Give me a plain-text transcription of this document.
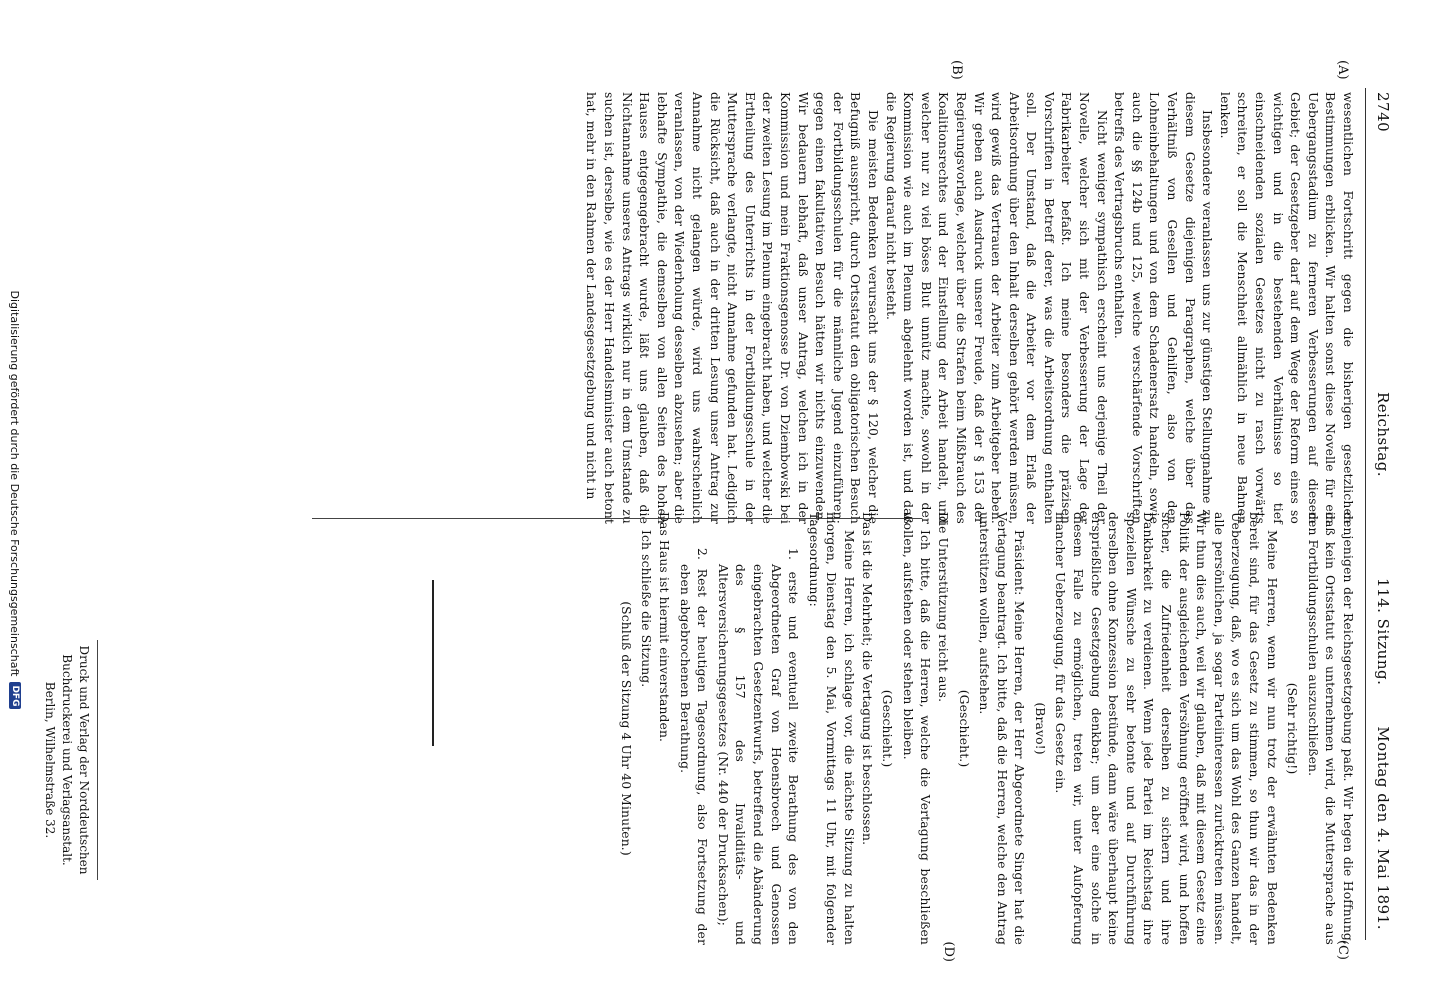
2740
Reichstag.
114. Sitzung.
Montag den 4. Mai 1891.
(A)
(B)
(C)
(D)

wesentlichen Fortschritt gegen die bisherigen gesetzlichen Bestimmungen erblicken. Wir halten sonst diese Novelle für ein Uebergangsstadium zu ferneren Verbesserungen auf diesem Gebiet; der Gesetzgeber darf auf dem Wege der Reform eines so wichtigen und in die bestehenden Verhältnisse so tief einschneidenden sozialen Gesetzes nicht zu rasch vorwärts schreiten, er soll die Menschheit allmählich in neue Bahnen lenken.

Insbesondere veranlassen uns zur günstigen Stellungnahme zu diesem Gesetze diejenigen Paragraphen, welche über das Verhältniß von Gesellen und Gehilfen, also von den Lohneinbehaltungen und von dem Schadenersatz handeln, sowie auch die §§ 124b und 125, welche verschärfende Vorschriften betreffs des Vertragsbruchs enthalten.

Nicht weniger sympathisch erscheint uns derjenige Theil der Novelle, welcher sich mit der Verbesserung der Lage der Fabrikarbeiter befaßt. Ich meine besonders die präzisen Vorschriften in Betreff derer, was die Arbeitsordnung enthalten soll. Der Umstand, daß die Arbeiter vor dem Erlaß der Arbeitsordnung über den Inhalt derselben gehört werden müssen, wird gewiß das Vertrauen der Arbeiter zum Arbeitgeber heben. Wir geben auch Ausdruck unserer Freude, daß der § 153 der Regierungsvorlage, welcher über die Strafen beim Mißbrauch des Koalitionsrechtes und der Einstellung der Arbeit handelt, und welcher nur zu viel böses Blut unnütz machte, sowohl in der Kommission wie auch im Plenum abgelehnt worden ist, und daß die Regierung darauf nicht besteht.

Die meisten Bedenken verursacht uns der § 120, welcher die Befugniß ausspricht, durch Ortsstatut den obligatorischen Besuch der Fortbildungsschulen für die männliche Jugend einzuführen; gegen einen fakultativen Besuch hätten wir nichts einzuwenden. Wir bedauern lebhaft, daß unser Antrag, welchen ich in der Kommission und mein Fraktionsgenosse Dr. von Dziembowski bei der zweiten Lesung im Plenum eingebracht haben, und welcher die Ertheilung des Unterrichts in der Fortbildungsschule in der Muttersprache verlangte, nicht Annahme gefunden hat. Lediglich die Rücksicht, daß auch in der dritten Lesung unser Antrag zur Annahme nicht gelangen würde, wird uns wahrscheinlich veranlassen, von der Wiederholung desselben abzusehen; aber die lebhafte Sympathie, die demselben von allen Seiten des hohen Hauses entgegengebracht wurde, läßt uns glauben, daß die Nichtannahme unseres Antrags wirklich nur in dem Umstande zu suchen ist, derselbe, wie es der Herr Handelsminister auch betont hat, mehr in den Rahmen der Landesgesetzgebung und nicht in

denjenigen der Reichsgesetzgebung paßt. Wir hegen die Hoffnung, daß kein Ortsstatut es unternehmen wird, die Muttersprache aus den Fortbildungsschulen auszuschließen.

(Sehr richtig!)

Meine Herren, wenn wir nun trotz der erwähnten Bedenken bereit sind, für das Gesetz zu stimmen, so thun wir das in der Ueberzeugung, daß, wo es sich um das Wohl des Ganzen handelt, alle persönlichen, ja sogar Parteiinteressen zurücktreten müssen. Wir thun dies auch, weil wir glauben, daß mit diesem Gesetz eine Politik der ausgleichenden Versöhnung eröffnet wird, und hoffen sicher, die Zufriedenheit derselben zu sichern und ihre Dankbarkeit zu verdienen. Wenn jede Partei im Reichstag ihre speziellen Wünsche zu sehr betonte und auf Durchführung derselben ohne Konzession bestünde, dann wäre überhaupt keine ersprießliche Gesetzgebung denkbar; um aber eine solche in diesem Falle zu ermöglichen, treten wir, unter Aufopferung mancher Ueberzeugung, für das Gesetz ein.

(Bravo!)

Präsident: Meine Herren, der Herr Abgeordnete Singer hat die Vertagung beantragt. Ich bitte, daß die Herren, welche den Antrag unterstützen wollen, aufstehen.

(Geschieht.)

Die Unterstützung reicht aus.

Ich bitte, daß die Herren, welche die Vertagung beschließen wollen, aufstehen oder stehen bleiben.

(Geschieht.)

Das ist die Mehrheit; die Vertagung ist beschlossen.

Meine Herren, ich schlage vor, die nächste Sitzung zu halten morgen, Dienstag den 5. Mai, Vormittags 11 Uhr, mit folgender Tagesordnung:

1. erste und eventuell zweite Berathung des von den Abgeordneten Graf von Hoensbroech und Genossen eingebrachten Gesetzentwurfs, betreffend die Abänderung des § 157 des Invaliditäts- und Altersversicherungsgesetzes (Nr. 440 der Drucksachen);

2. Rest der heutigen Tagesordnung, also Fortsetzung der eben abgebrochenen Berathung.

Das Haus ist hiermit einverstanden.

Ich schließe die Sitzung.

(Schluß der Sitzung 4 Uhr 40 Minuten.)

Druck und Verlag der Norddeutschen Buchdruckerei und Verlagsanstalt.
Berlin, Wilhelmstraße 32.
Digitalisierung gefördert durch die Deutsche Forschungsgemeinschaft
DFG
